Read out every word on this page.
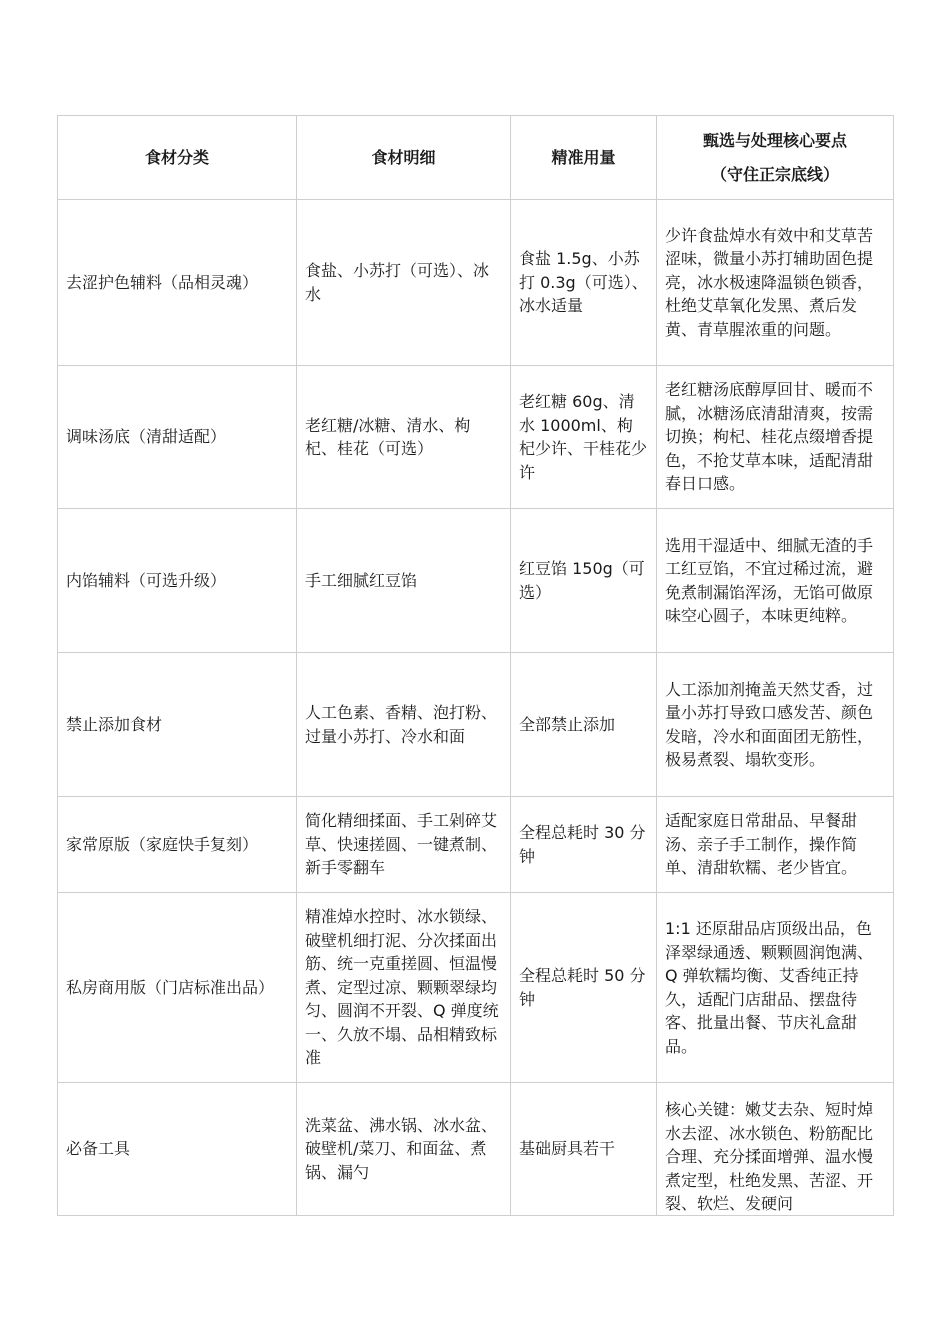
食材分类	食材明细	精准用量	甄选与处理核心要点
（守住正宗底线）

去涩护色辅料（品相灵魂）	食盐、小苏打（可选）、冰水	食盐 1.5g、小苏打 0.3g（可选）、冰水适量	少许食盐焯水有效中和艾草苦涩味，微量小苏打辅助固色提亮，冰水极速降温锁色锁香，杜绝艾草氧化发黑、煮后发黄、青草腥浓重的问题。
调味汤底（清甜适配）	老红糖/冰糖、清水、枸杞、桂花（可选）	老红糖 60g、清水 1000ml、枸杞少许、干桂花少许	老红糖汤底醇厚回甘、暖而不腻，冰糖汤底清甜清爽，按需切换；枸杞、桂花点缀增香提色，不抢艾草本味，适配清甜春日口感。
内馅辅料（可选升级）	手工细腻红豆馅	红豆馅 150g（可选）	选用干湿适中、细腻无渣的手工红豆馅，不宜过稀过流，避免煮制漏馅浑汤，无馅可做原味空心圆子，本味更纯粹。
禁止添加食材	人工色素、香精、泡打粉、过量小苏打、冷水和面	全部禁止添加	人工添加剂掩盖天然艾香，过量小苏打导致口感发苦、颜色发暗，冷水和面面团无筋性，极易煮裂、塌软变形。
家常原版（家庭快手复刻）	简化精细揉面、手工剁碎艾草、快速搓圆、一键煮制、新手零翻车	全程总耗时 30 分钟	适配家庭日常甜品、早餐甜汤、亲子手工制作，操作简单、清甜软糯、老少皆宜。
私房商用版（门店标准出品）	精准焯水控时、冰水锁绿、破壁机细打泥、分次揉面出筋、统一克重搓圆、恒温慢煮、定型过凉、颗颗翠绿均匀、圆润不开裂、Q 弹度统一、久放不塌、品相精致标准	全程总耗时 50 分钟	1:1 还原甜品店顶级出品，色泽翠绿通透、颗颗圆润饱满、Q 弹软糯均衡、艾香纯正持久，适配门店甜品、摆盘待客、批量出餐、节庆礼盒甜品。
必备工具	洗菜盆、沸水锅、冰水盆、破壁机/菜刀、和面盆、煮锅、漏勺	基础厨具若干	核心关键：嫩艾去杂、短时焯水去涩、冰水锁色、粉筋配比合理、充分揉面增弹、温水慢煮定型，杜绝发黑、苦涩、开裂、软烂、发硬问
